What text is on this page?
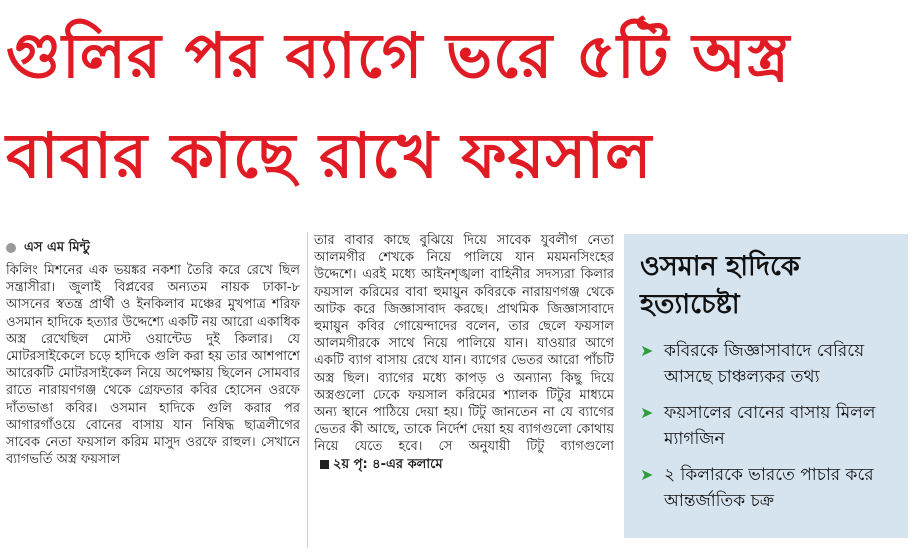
গুলির পর ব্যাগে ভরে ৫টি অস্ত্র
বাবার কাছে রাখে ফয়সাল
এস এম মিন্টু
কিলিং মিশনের এক ভয়ঙ্কর নকশা তৈরি করে রেখে ছিল সন্ত্রাসীরা। জুলাই বিপ্লবের অন্যতম নায়ক ঢাকা-৮ আসনের স্বতন্ত্র প্রার্থী ও ইনকিলাব মঞ্চের মুখপাত্র শরিফ ওসমান হাদিকে হত্যার উদ্দেশ্যে একটি নয় আরো একাধিক অস্ত্র রেখেছিল মোস্ট ওয়ান্টেড দুই কিলার। যে মোটরসাইকেলে চড়ে হাদিকে গুলি করা হয় তার আশপাশে আরেকটি মোটরসাইকেল নিয়ে অপেক্ষায় ছিলেন সোমবার রাতে নারায়ণগঞ্জ থেকে গ্রেফতার কবির হোসেন ওরফে দাঁতভাঙা কবির। ওসমান হাদিকে গুলি করার পর আগারগাঁওয়ে বোনের বাসায় যান নিষিদ্ধ ছাত্রলীগের সাবেক নেতা ফয়সাল করিম মাসুদ ওরফে রাহুল। সেখানে ব্যাগভর্তি অস্ত্র ফয়সাল
তার বাবার কাছে বুঝিয়ে দিয়ে সাবেক যুবলীগ নেতা আলমগীর শেখকে নিয়ে পালিয়ে যান ময়মনসিংহের উদ্দেশে। এরই মধ্যে আইনশৃঙ্খলা বাহিনীর সদস্যরা কিলার ফয়সাল করিমের বাবা হুমায়ুন কবিরকে নারায়ণগঞ্জ থেকে আটক করে জিজ্ঞাসাবাদ করছে। প্রাথমিক জিজ্ঞাসাবাদে হুমায়ুন কবির গোয়েন্দাদের বলেন, তার ছেলে ফয়সাল আলমগীরকে সাথে নিয়ে পালিয়ে যান। যাওয়ার আগে একটি ব্যাগ বাসায় রেখে যান। ব্যাগের ভেতর আরো পাঁচটি অস্ত্র ছিল। ব্যাগের মধ্যে কাপড় ও অন্যান্য কিছু দিয়ে অস্ত্রগুলো ঢেকে ফয়সাল করিমের শ্যালক টিটুর মাধ্যমে অন্য স্থানে পাঠিয়ে দেয়া হয়। টিটু জানতেন না যে ব্যাগের ভেতর কী আছে, তাকে নির্দেশ দেয়া হয় ব্যাগগুলো কোথায় নিয়ে যেতে হবে। সে অনুযায়ী টিটু ব্যাগগুলো২য় পৃ: ৪-এর কলামে
ওসমান হাদিকে হত্যাচেষ্টা
➤ কবিরকে জিজ্ঞাসাবাদে বেরিয়ে আসছে চাঞ্চল্যকর তথ্য
➤ ফয়সালের বোনের বাসায় মিলল ম্যাগজিন
➤ ২ কিলারকে ভারতে পাচার করে আন্তর্জাতিক চক্র
